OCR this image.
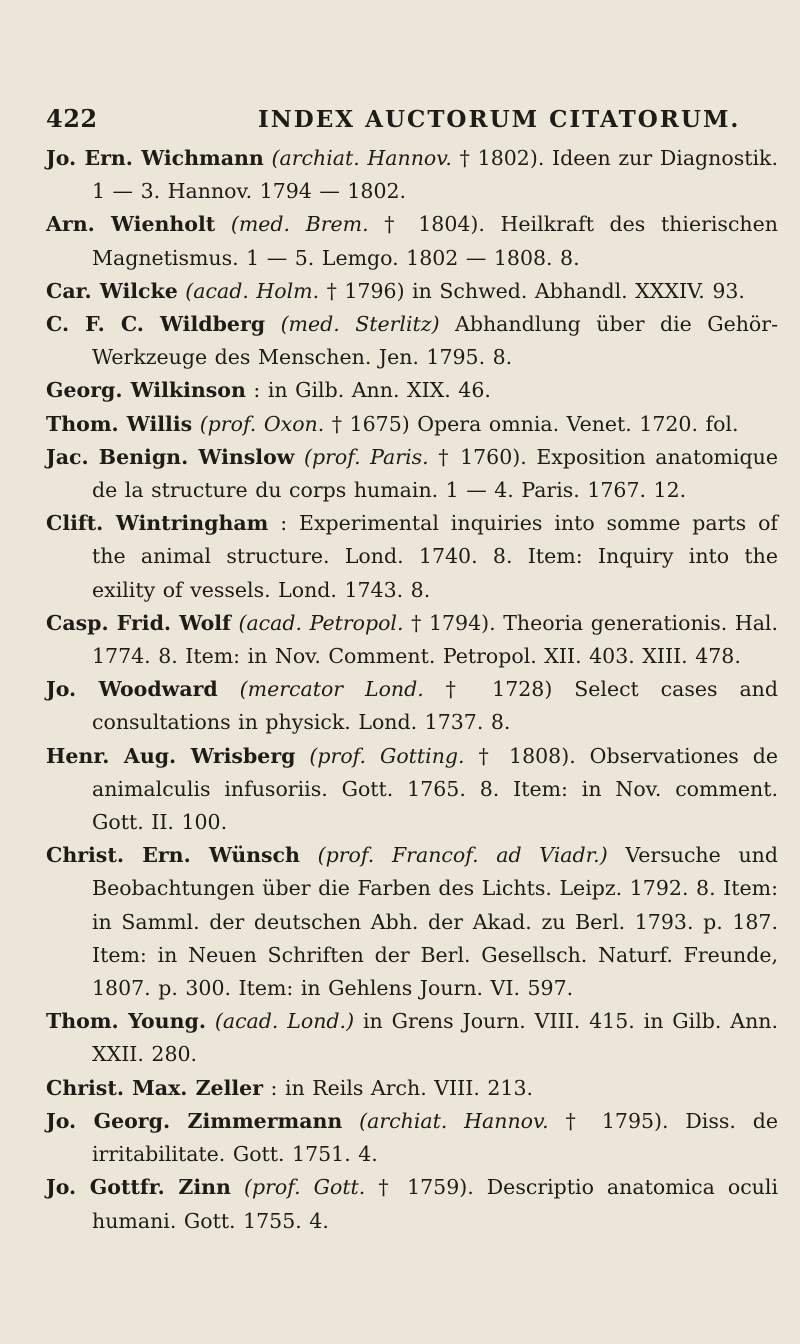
422	INDEX AUCTORUM CITATORUM.

Jo. Ern. Wichmann (archiat. Hannov. † 1802). Ideen zur Diagnostik. 1 — 3. Hannov. 1794 — 1802.

Arn. Wienholt (med. Brem. † 1804). Heilkraft des thierischen Magnetismus. 1 — 5. Lemgo. 1802 — 1808. 8.

Car. Wilcke (acad. Holm. † 1796) in Schwed. Abhandl. XXXIV. 93.

C. F. C. Wildberg (med. Sterlitz) Abhandlung über die Gehör-Werkzeuge des Menschen. Jen. 1795. 8.

Georg. Wilkinson : in Gilb. Ann. XIX. 46.

Thom. Willis (prof. Oxon. † 1675) Opera omnia. Venet. 1720. fol.

Jac. Benign. Winslow (prof. Paris. † 1760). Exposition anatomique de la structure du corps humain. 1 — 4. Paris. 1767. 12.

Clift. Wintringham : Experimental inquiries into somme parts of the animal structure. Lond. 1740. 8. Item: Inquiry into the exility of vessels. Lond. 1743. 8.

Casp. Frid. Wolf (acad. Petropol. † 1794). Theoria generationis. Hal. 1774. 8. Item: in Nov. Comment. Petropol. XII. 403. XIII. 478.

Jo. Woodward (mercator Lond. † 1728) Select cases and consultations in physick. Lond. 1737. 8.

Henr. Aug. Wrisberg (prof. Gotting. † 1808). Observationes de animalculis infusoriis. Gott. 1765. 8. Item: in Nov. comment. Gott. II. 100.

Christ. Ern. Wünsch (prof. Francof. ad Viadr.) Versuche und Beobachtungen über die Farben des Lichts. Leipz. 1792. 8. Item: in Samml. der deutschen Abh. der Akad. zu Berl. 1793. p. 187. Item: in Neuen Schriften der Berl. Gesellsch. Naturf. Freunde, 1807. p. 300. Item: in Gehlens Journ. VI. 597.

Thom. Young. (acad. Lond.) in Grens Journ. VIII. 415. in Gilb. Ann. XXII. 280.

Christ. Max. Zeller : in Reils Arch. VIII. 213.

Jo. Georg. Zimmermann (archiat. Hannov. † 1795). Diss. de irritabilitate. Gott. 1751. 4.

Jo. Gottfr. Zinn (prof. Gott. † 1759). Descriptio anatomica oculi humani. Gott. 1755. 4.
